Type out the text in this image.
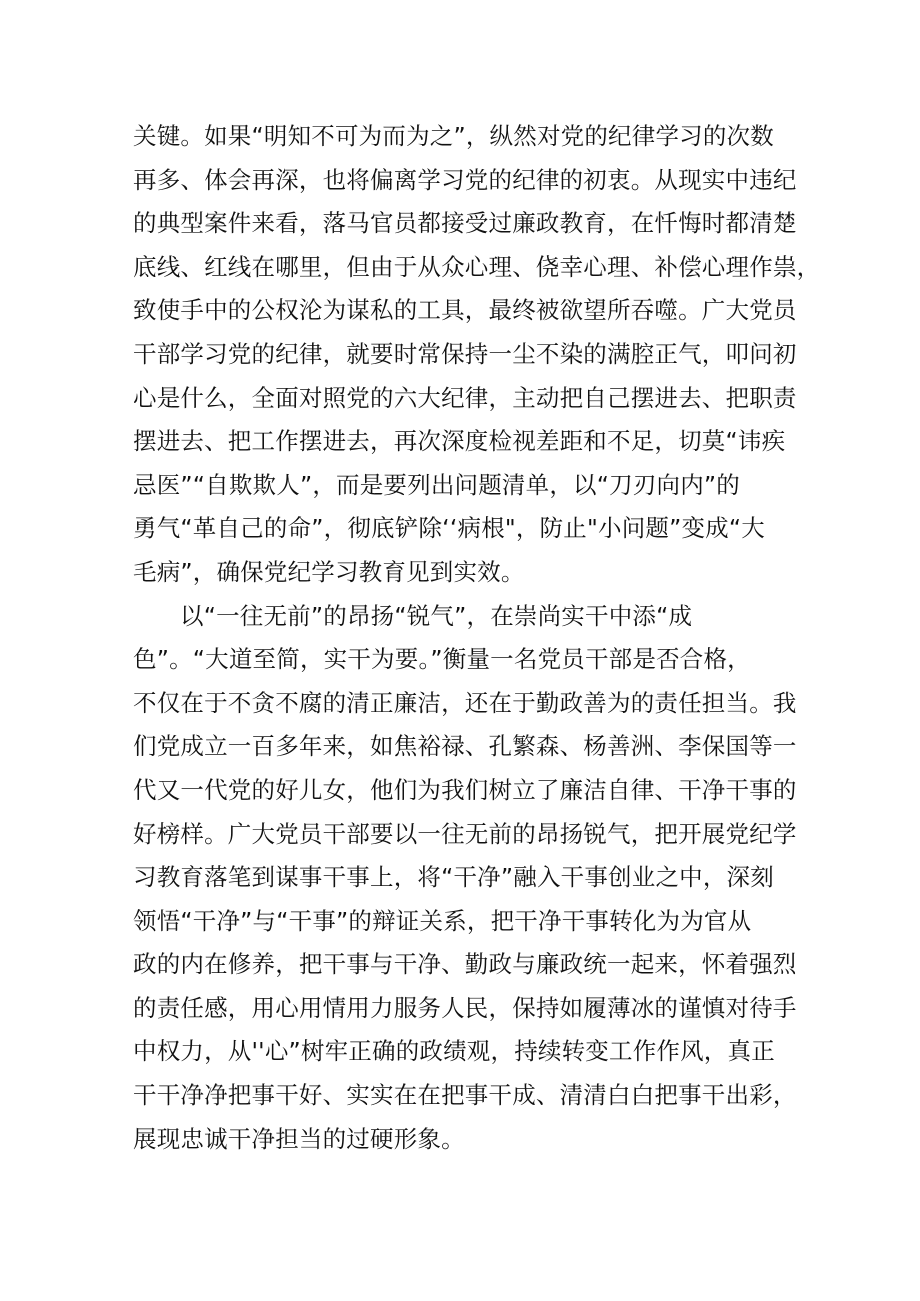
关键。如果“明知不可为而为之”，纵然对党的纪律学习的次数
再多、体会再深，也将偏离学习党的纪律的初衷。从现实中违纪
的典型案件来看，落马官员都接受过廉政教育，在忏悔时都清楚
底线、红线在哪里，但由于从众心理、侥幸心理、补偿心理作祟，
致使手中的公权沦为谋私的工具，最终被欲望所吞噬。广大党员
干部学习党的纪律，就要时常保持一尘不染的满腔正气，叩问初
心是什么，全面对照党的六大纪律，主动把自己摆进去、把职责
摆进去、把工作摆进去，再次深度检视差距和不足，切莫“讳疾
忌医”“自欺欺人”，而是要列出问题清单，以“刀刃向内”的
勇气“革自己的命”，彻底铲除‘‘病根"，防止"小问题”变成“大
毛病”，确保党纪学习教育见到实效。
以“一往无前”的昂扬“锐气”，在崇尚实干中添“成
色”。“大道至简，实干为要。”衡量一名党员干部是否合格，
不仅在于不贪不腐的清正廉洁，还在于勤政善为的责任担当。我
们党成立一百多年来，如焦裕禄、孔繁森、杨善洲、李保国等一
代又一代党的好儿女，他们为我们树立了廉洁自律、干净干事的
好榜样。广大党员干部要以一往无前的昂扬锐气，把开展党纪学
习教育落笔到谋事干事上，将“干净”融入干事创业之中，深刻
领悟“干净”与“干事”的辩证关系，把干净干事转化为为官从
政的内在修养，把干事与干净、勤政与廉政统一起来，怀着强烈
的责任感，用心用情用力服务人民，保持如履薄冰的谨慎对待手
中权力，从''心”树牢正确的政绩观，持续转变工作作风，真正
干干净净把事干好、实实在在把事干成、清清白白把事干出彩，
展现忠诚干净担当的过硬形象。
